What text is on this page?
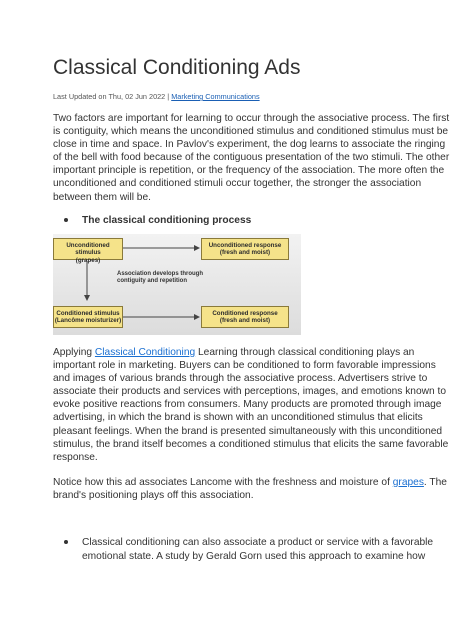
Classical Conditioning Ads
Last Updated on Thu, 02 Jun 2022 | Marketing Communications
Two factors are important for learning to occur through the associative process. The first
is contiguity, which means the unconditioned stimulus and conditioned stimulus must be
close in time and space. In Pavlov's experiment, the dog learns to associate the ringing
of the bell with food because of the contiguous presentation of the two stimuli. The other
important principle is repetition, or the frequency of the association. The more often the
unconditioned and conditioned stimuli occur together, the stronger the association
between them will be.
The classical conditioning process
Unconditioned stimulus
(grapes)
Unconditioned response
(fresh and moist)
Association develops through
contiguity and repetition
Conditioned stimulus
(Lancôme moisturizer)
Conditioned response
(fresh and moist)
Applying Classical Conditioning Learning through classical conditioning plays an
important role in marketing. Buyers can be conditioned to form favorable impressions
and images of various brands through the associative process. Advertisers strive to
associate their products and services with perceptions, images, and emotions known to
evoke positive reactions from consumers. Many products are promoted through image
advertising, in which the brand is shown with an unconditioned stimulus that elicits
pleasant feelings. When the brand is presented simultaneously with this unconditioned
stimulus, the brand itself becomes a conditioned stimulus that elicits the same favorable
response.
Notice how this ad associates Lancome with the freshness and moisture of grapes. The
brand's positioning plays off this association.
Classical conditioning can also associate a product or service with a favorable
emotional state. A study by Gerald Gorn used this approach to examine how
